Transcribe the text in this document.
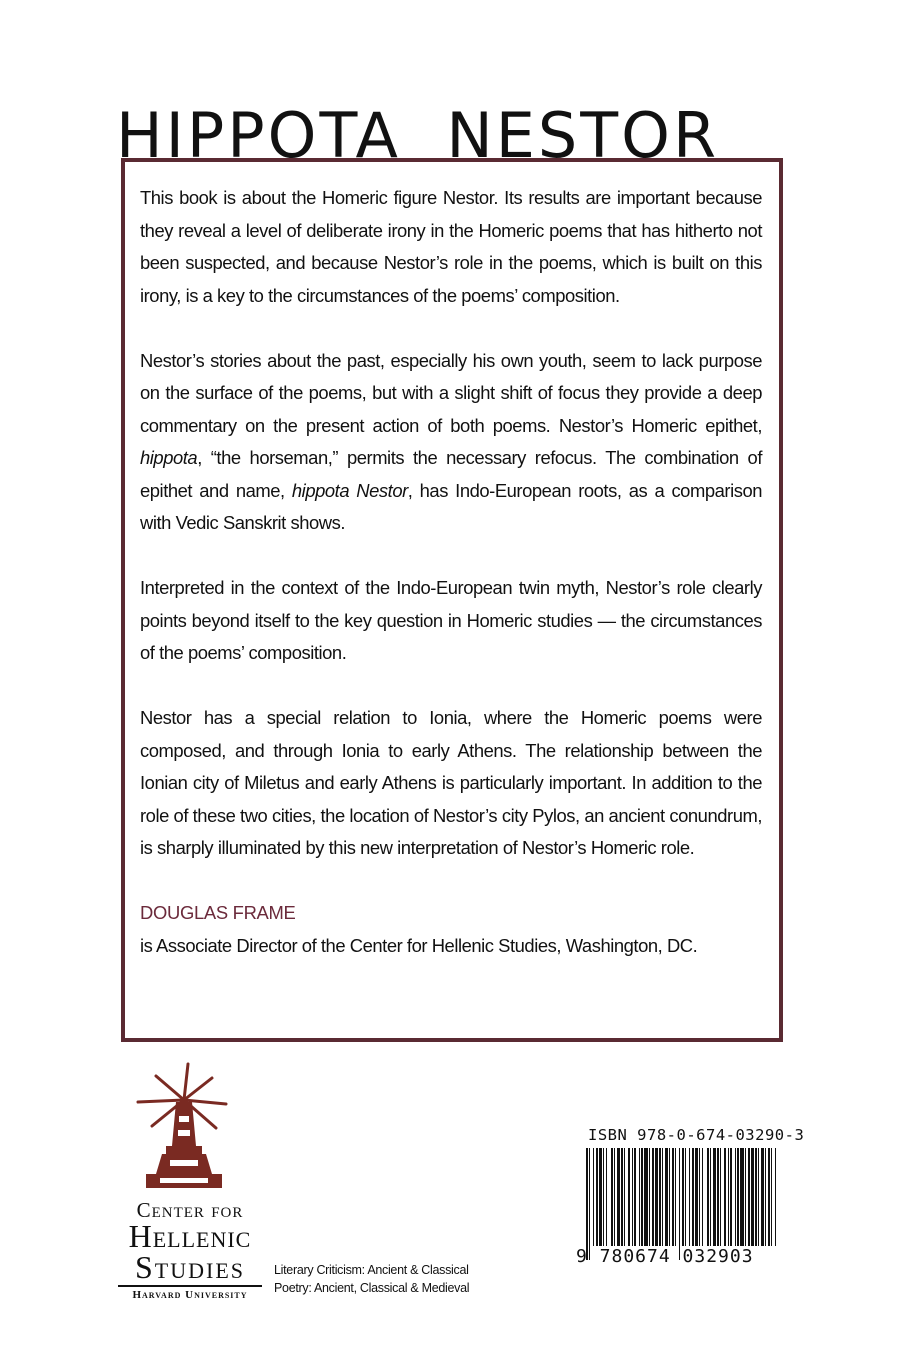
HIPPOTA  NESTOR

This book is about the Homeric figure Nestor. Its results are important because they reveal a level of deliberate irony in the Homeric poems that has hitherto not been suspected, and because Nestor’s role in the poems, which is built on this irony, is a key to the circumstances of the poems’ composition.

Nestor’s stories about the past, especially his own youth, seem to lack purpose on the surface of the poems, but with a slight shift of focus they provide a deep commentary on the present action of both poems. Nestor’s Homeric epithet, hippota, “the horseman,” permits the necessary refocus. The combination of epithet and name, hippota Nestor, has Indo-European roots, as a comparison with Vedic Sanskrit shows.

Interpreted in the context of the Indo-European twin myth, Nestor’s role clearly points beyond itself to the key question in Homeric studies — the circumstances of the poems’ composition.

Nestor has a special relation to Ionia, where the Homeric poems were composed, and through Ionia to early Athens. The relationship between the Ionian city of Miletus and early Athens is particularly important. In addition to the role of these two cities, the location of Nestor’s city Pylos, an ancient conundrum, is sharply illuminated by this new interpretation of Nestor’s Homeric role.

DOUGLAS FRAME
is Associate Director of the Center for Hellenic Studies, Washington, DC.
Center for
Hellenic
Studies
Harvard University
Literary Criticism: Ancient & Classical
Poetry: Ancient, Classical & Medieval
ISBN 978-0-674-03290-3
9 780674 032903
